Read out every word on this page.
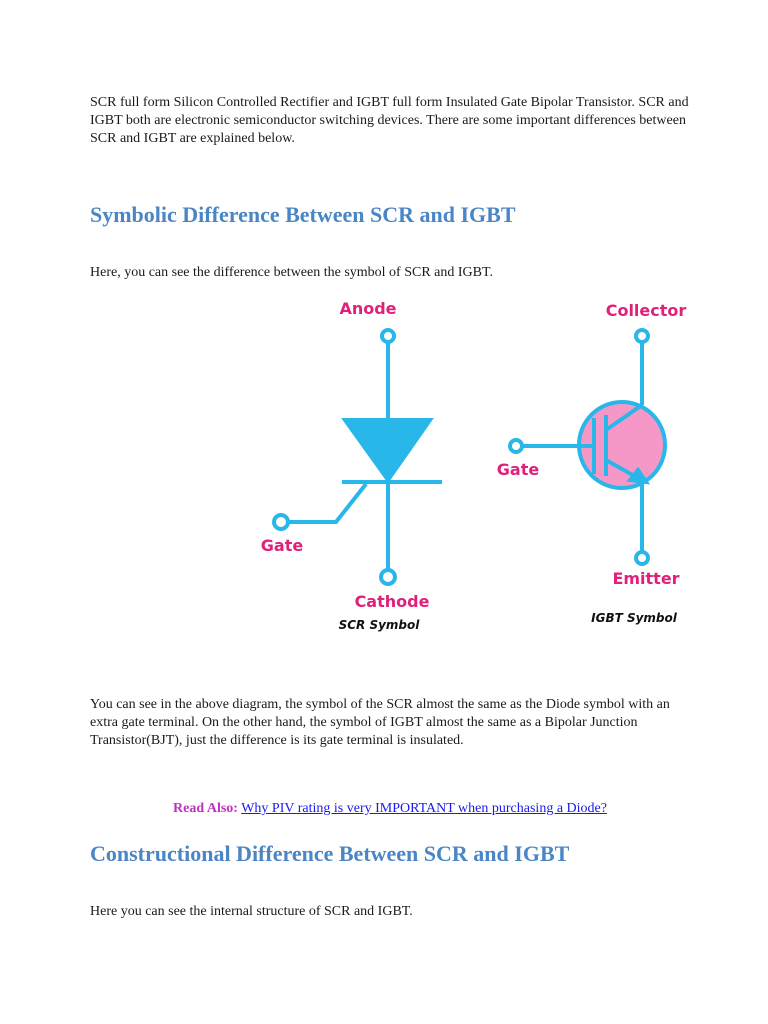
SCR full form Silicon Controlled Rectifier and IGBT full form Insulated Gate Bipolar Transistor. SCR and IGBT both are electronic semiconductor switching devices. There are some important differences between SCR and IGBT are explained below.

Symbolic Difference Between SCR and IGBT

Here, you can see the difference between the symbol of SCR and IGBT.

Anode
Gate
Cathode
SCR Symbol
Collector
Gate
Emitter
IGBT Symbol

You can see in the above diagram, the symbol of the SCR almost the same as the Diode symbol with an extra gate terminal. On the other hand, the symbol of IGBT almost the same as a Bipolar Junction Transistor(BJT), just the difference is its gate terminal is insulated.

Read Also: Why PIV rating is very IMPORTANT when purchasing a Diode?

Constructional Difference Between SCR and IGBT

Here you can see the internal structure of SCR and IGBT.
